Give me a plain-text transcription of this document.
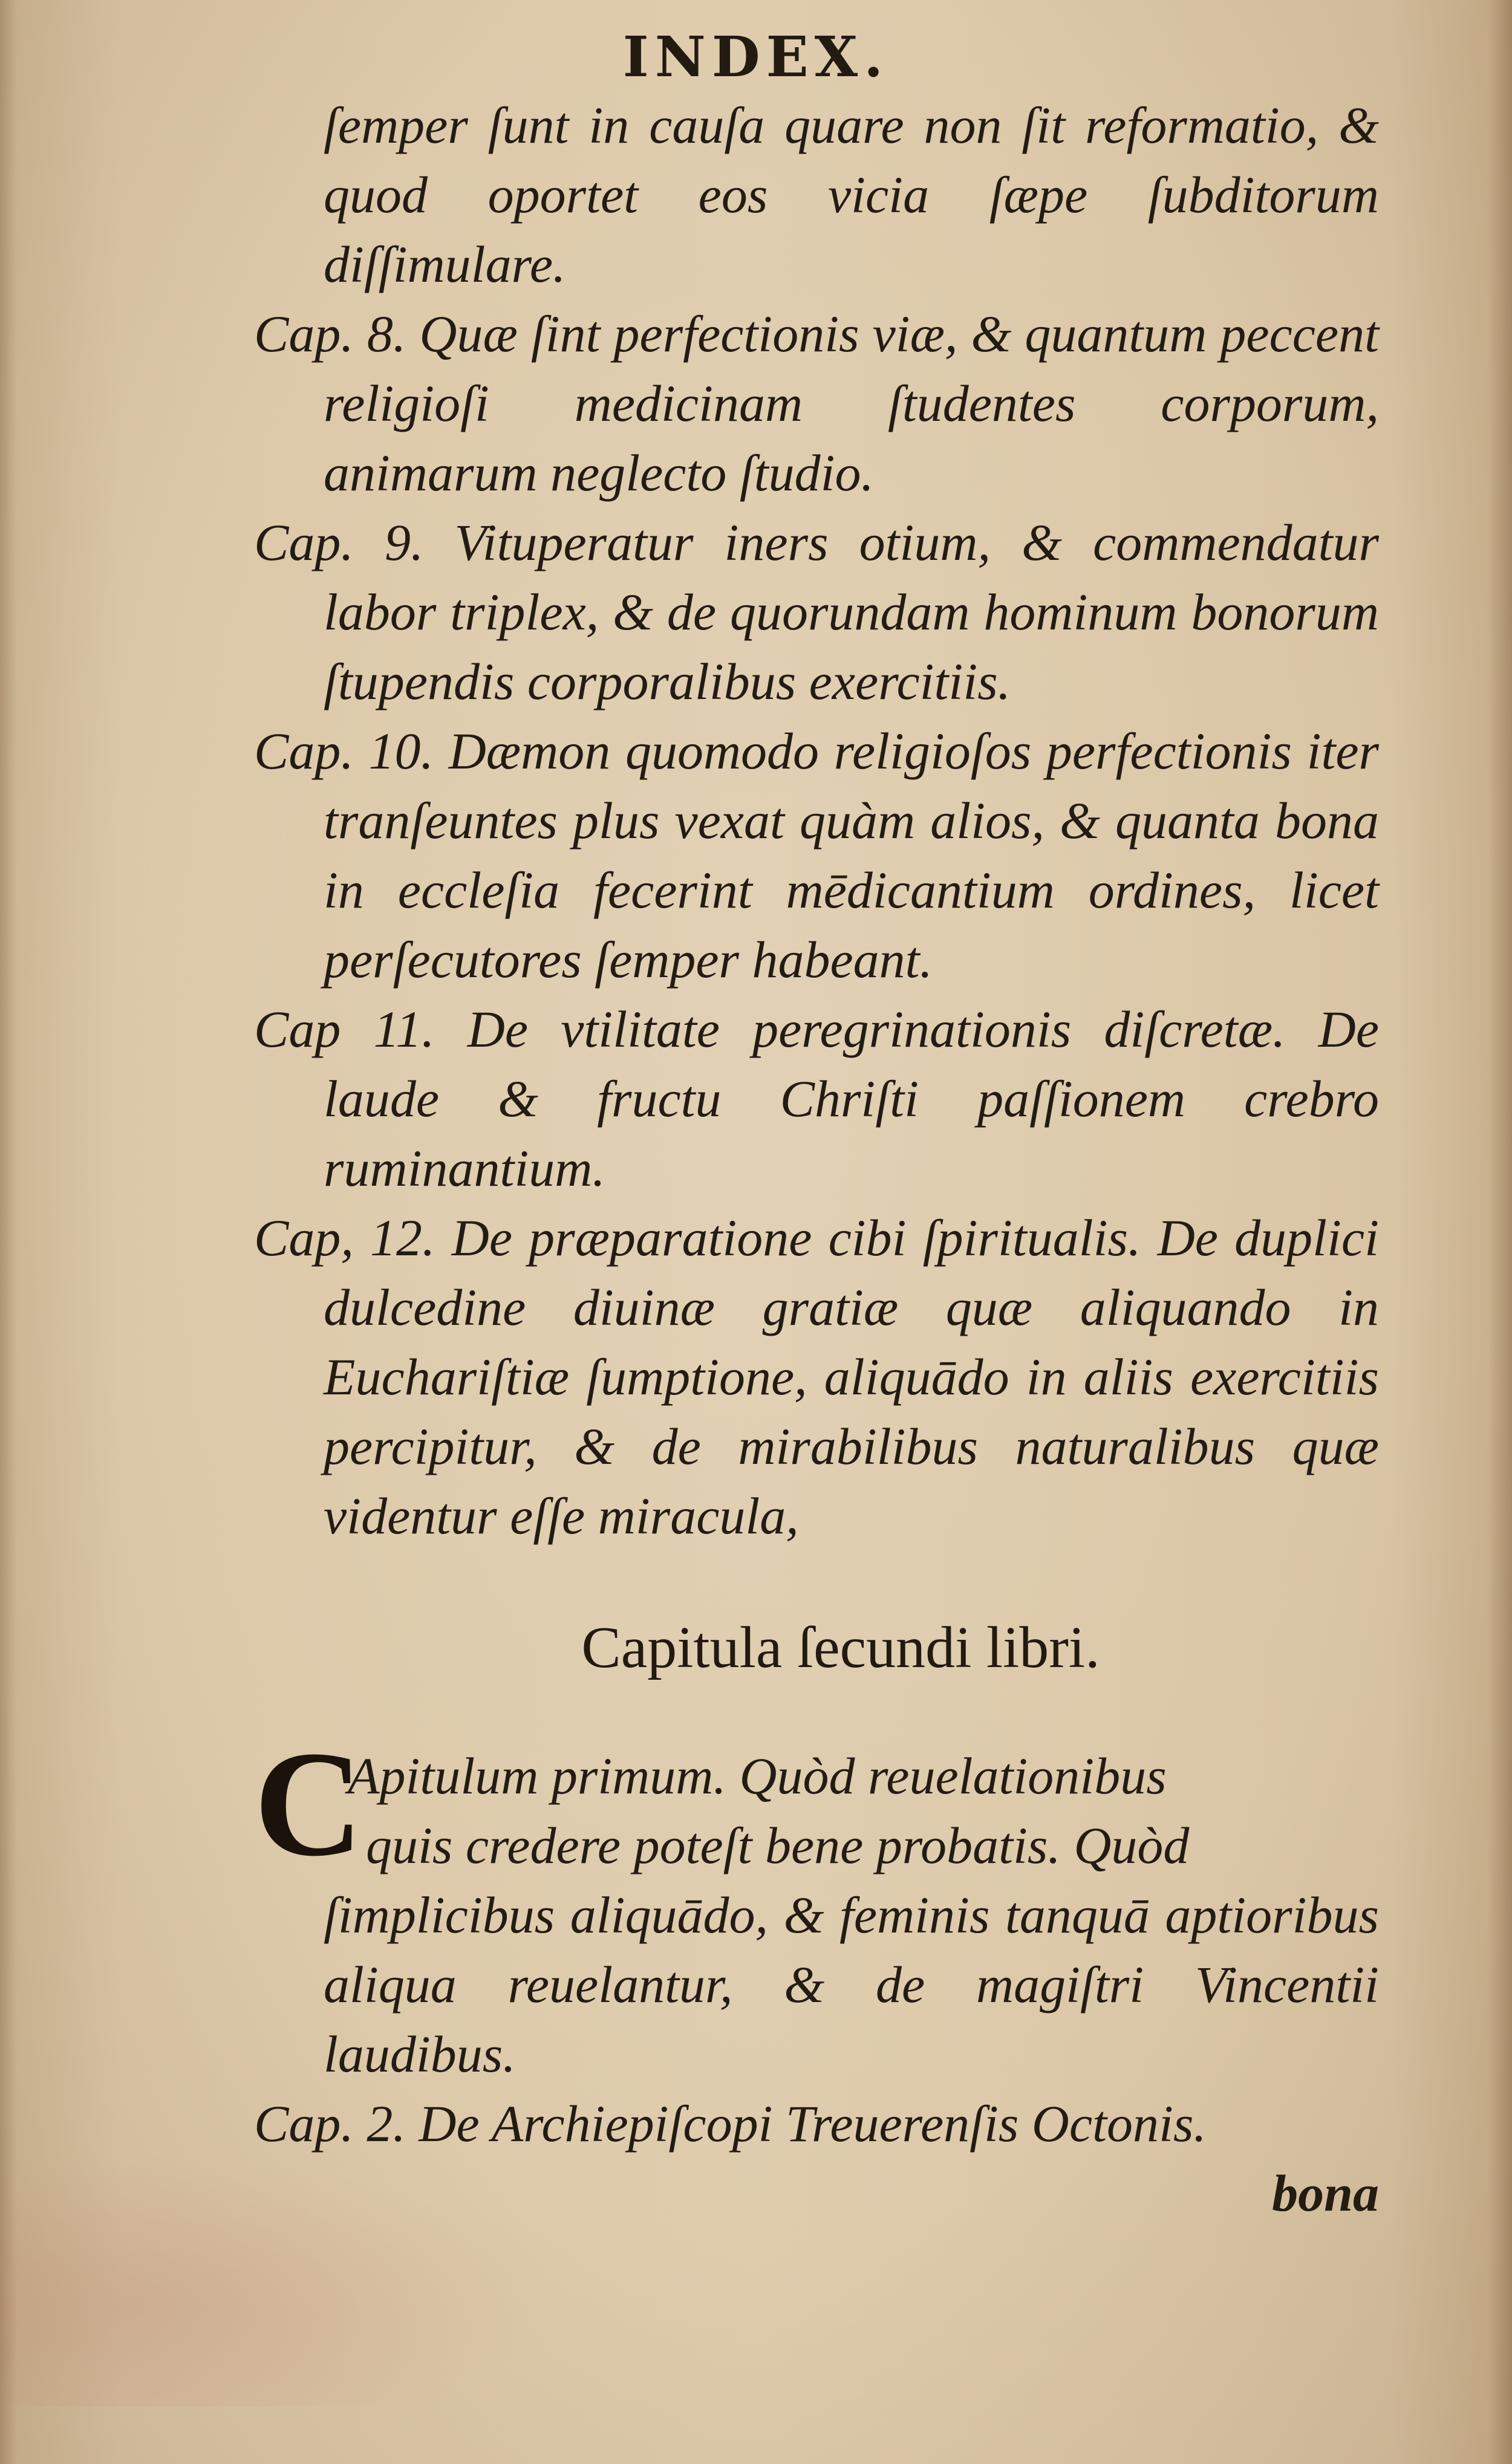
INDEX.

ſemper ſunt in cauſa quare non ſit reformatio, & quod oportet eos vicia ſæpe ſubditorum diſſimulare.

Cap. 8. Quæ ſint perfectionis viæ, & quantum peccent religioſi medicinam ſtudentes corporum, animarum neglecto ſtudio.

Cap. 9. Vituperatur iners otium, & commendatur labor triplex, & de quorundam hominum bonorum ſtupendis corporalibus exercitiis.

Cap. 10. Dæmon quomodo religioſos perfectionis iter tranſeuntes plus vexat quàm alios, & quanta bona in eccleſia fecerint mēdicantium ordines, licet perſecutores ſemper habeant.

Cap 11. De vtilitate peregrinationis diſcretæ. De laude & fructu Chriſti paſſionem crebro ruminantium.

Cap, 12. De præparatione cibi ſpiritualis. De duplici dulcedine diuinæ gratiæ quæ aliquando in Euchariſtiæ ſumptione, aliquādo in aliis exercitiis percipitur, & de mirabilibus naturalibus quæ videntur eſſe miracula,

Capitula ſecundi libri.
C
Apitulum primum. Quòd reuelationibus
quis credere poteſt bene probatis. Quòd
ſimplicibus aliquādo, & feminis tanquā aptioribus aliqua reuelantur, & de magiſtri Vincentii laudibus.

Cap. 2. De Archiepiſcopi Treuerenſis Octonis.

bona
